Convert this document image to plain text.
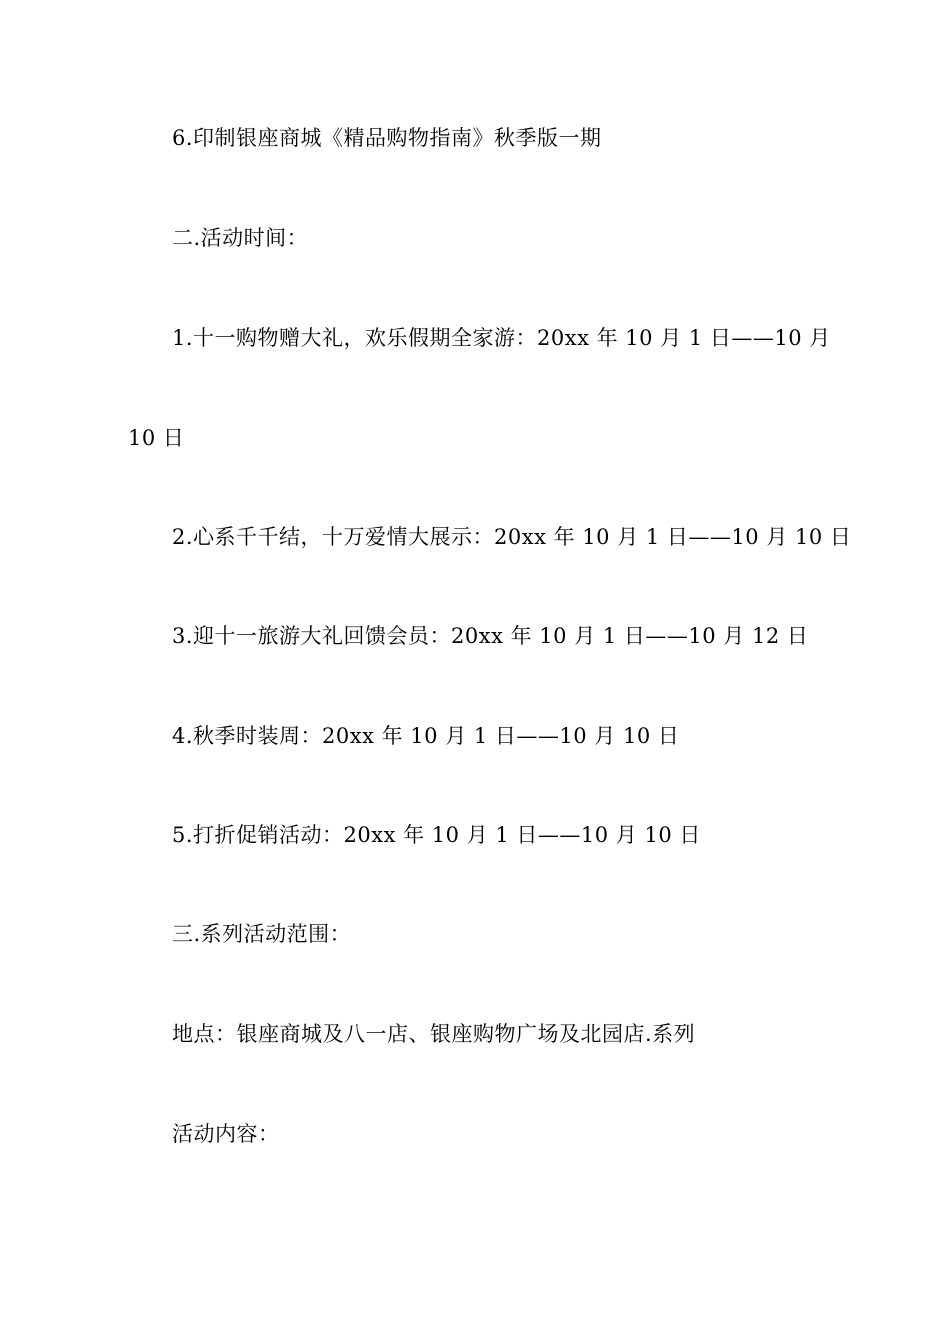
6.印制银座商城《精品购物指南》秋季版一期
二.活动时间：
1.十一购物赠大礼，欢乐假期全家游：20xx 年 10 月 1 日——10 月
10 日
2.心系千千结，十万爱情大展示：20xx 年 10 月 1 日——10 月 10 日
3.迎十一旅游大礼回馈会员：20xx 年 10 月 1 日——10 月 12 日
4.秋季时装周：20xx 年 10 月 1 日——10 月 10 日
5.打折促销活动：20xx 年 10 月 1 日——10 月 10 日
三.系列活动范围：
地点：银座商城及八一店、银座购物广场及北园店.系列
活动内容：
